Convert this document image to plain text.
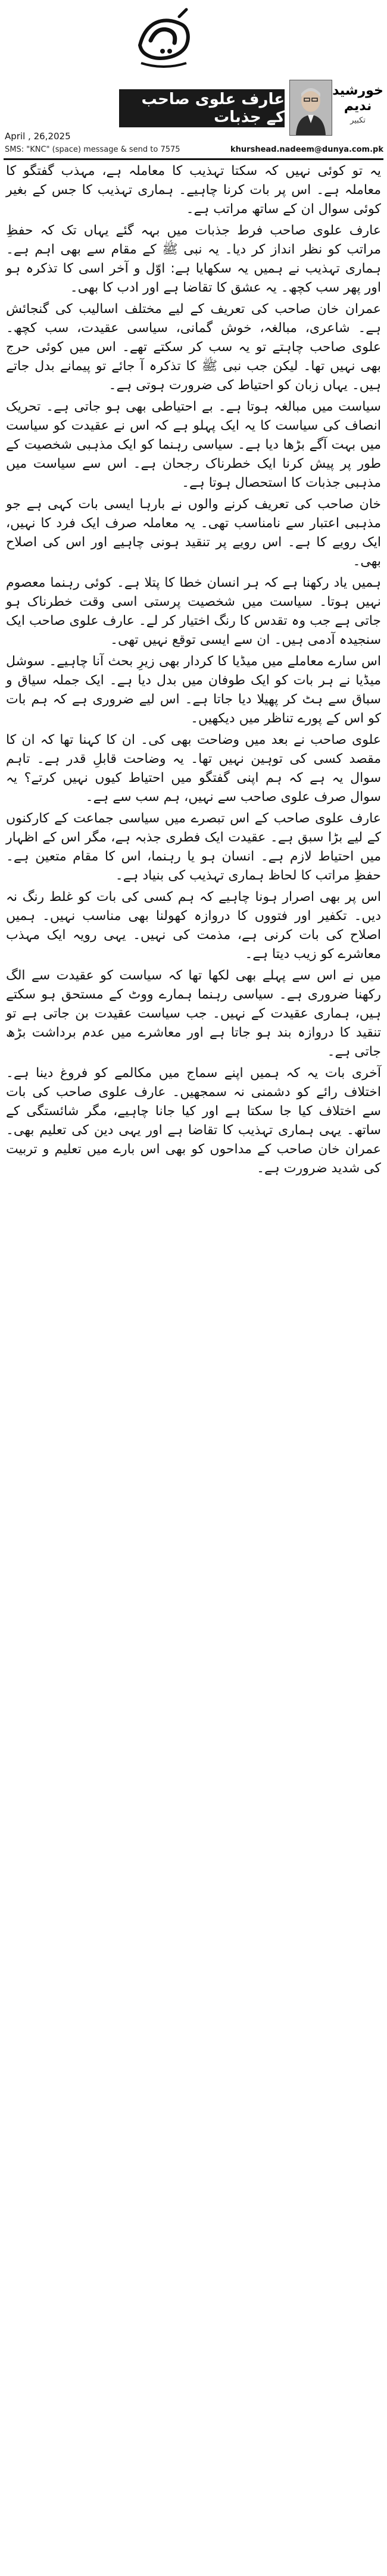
عارف علوی صاحب کے جذبات
خورشید
ندیم
تکبیر
April , 26,2025
SMS: "KNC" (space) message & send to 7575	khurshead.nadeem@dunya.com.pk

یہ تو کوئی نہیں کہ سکتا تہذیب کا معاملہ ہے، مہذب گفتگو کا معاملہ ہے۔ اس پر بات کرنا چاہیے۔ ہماری تہذیب کا جس کے بغیر کوئی سوال ان کے ساتھ مراتب ہے۔

عارف علوی صاحب فرط جذبات میں بہہ گئے یہاں تک کہ حفظِ مراتب کو نظر انداز کر دیا۔ یہ نبی ﷺ کے مقام سے بھی اہم ہے۔ ہماری تہذیب نے ہمیں یہ سکھایا ہے: اوّل و آخر اسی کا تذکرہ ہو اور پھر سب کچھ۔ یہ عشق کا تقاضا ہے اور ادب کا بھی۔

عمران خان صاحب کی تعریف کے لیے مختلف اسالیب کی گنجائش ہے۔ شاعری، مبالغہ، خوش گمانی، سیاسی عقیدت، سب کچھ۔ علوی صاحب چاہتے تو یہ سب کر سکتے تھے۔ اس میں کوئی حرج بھی نہیں تھا۔ لیکن جب نبی ﷺ کا تذکرہ آ جائے تو پیمانے بدل جاتے ہیں۔ یہاں زبان کو احتیاط کی ضرورت ہوتی ہے۔

سیاست میں مبالغہ ہوتا ہے۔ بے احتیاطی بھی ہو جاتی ہے۔ تحریک انصاف کی سیاست کا یہ ایک پہلو ہے کہ اس نے عقیدت کو سیاست میں بہت آگے بڑھا دیا ہے۔ سیاسی رہنما کو ایک مذہبی شخصیت کے طور پر پیش کرنا ایک خطرناک رجحان ہے۔ اس سے سیاست میں مذہبی جذبات کا استحصال ہوتا ہے۔

خان صاحب کی تعریف کرنے والوں نے بارہا ایسی بات کہی ہے جو مذہبی اعتبار سے نامناسب تھی۔ یہ معاملہ صرف ایک فرد کا نہیں، ایک رویے کا ہے۔ اس رویے پر تنقید ہونی چاہیے اور اس کی اصلاح بھی۔

ہمیں یاد رکھنا ہے کہ ہر انسان خطا کا پتلا ہے۔ کوئی رہنما معصوم نہیں ہوتا۔ سیاست میں شخصیت پرستی اسی وقت خطرناک ہو جاتی ہے جب وہ تقدس کا رنگ اختیار کر لے۔ عارف علوی صاحب ایک سنجیدہ آدمی ہیں۔ ان سے ایسی توقع نہیں تھی۔

اس سارے معاملے میں میڈیا کا کردار بھی زیرِ بحث آنا چاہیے۔ سوشل میڈیا نے ہر بات کو ایک طوفان میں بدل دیا ہے۔ ایک جملہ سیاق و سباق سے ہٹ کر پھیلا دیا جاتا ہے۔ اس لیے ضروری ہے کہ ہم بات کو اس کے پورے تناظر میں دیکھیں۔

علوی صاحب نے بعد میں وضاحت بھی کی۔ ان کا کہنا تھا کہ ان کا مقصد کسی کی توہین نہیں تھا۔ یہ وضاحت قابلِ قدر ہے۔ تاہم سوال یہ ہے کہ ہم اپنی گفتگو میں احتیاط کیوں نہیں کرتے؟ یہ سوال صرف علوی صاحب سے نہیں، ہم سب سے ہے۔

عارف علوی صاحب کے اس تبصرے میں سیاسی جماعت کے کارکنوں کے لیے بڑا سبق ہے۔ عقیدت ایک فطری جذبہ ہے، مگر اس کے اظہار میں احتیاط لازم ہے۔ انسان ہو یا رہنما، اس کا مقام متعین ہے۔ حفظِ مراتب کا لحاظ ہماری تہذیب کی بنیاد ہے۔

اس پر بھی اصرار ہونا چاہیے کہ ہم کسی کی بات کو غلط رنگ نہ دیں۔ تکفیر اور فتووں کا دروازہ کھولنا بھی مناسب نہیں۔ ہمیں اصلاح کی بات کرنی ہے، مذمت کی نہیں۔ یہی رویہ ایک مہذب معاشرے کو زیب دیتا ہے۔

میں نے اس سے پہلے بھی لکھا تھا کہ سیاست کو عقیدت سے الگ رکھنا ضروری ہے۔ سیاسی رہنما ہمارے ووٹ کے مستحق ہو سکتے ہیں، ہماری عقیدت کے نہیں۔ جب سیاست عقیدت بن جاتی ہے تو تنقید کا دروازہ بند ہو جاتا ہے اور معاشرے میں عدم برداشت بڑھ جاتی ہے۔

آخری بات یہ کہ ہمیں اپنے سماج میں مکالمے کو فروغ دینا ہے۔ اختلاف رائے کو دشمنی نہ سمجھیں۔ عارف علوی صاحب کی بات سے اختلاف کیا جا سکتا ہے اور کیا جانا چاہیے، مگر شائستگی کے ساتھ۔ یہی ہماری تہذیب کا تقاضا ہے اور یہی دین کی تعلیم بھی۔ عمران خان صاحب کے مداحوں کو بھی اس بارے میں تعلیم و تربیت کی شدید ضرورت ہے۔
